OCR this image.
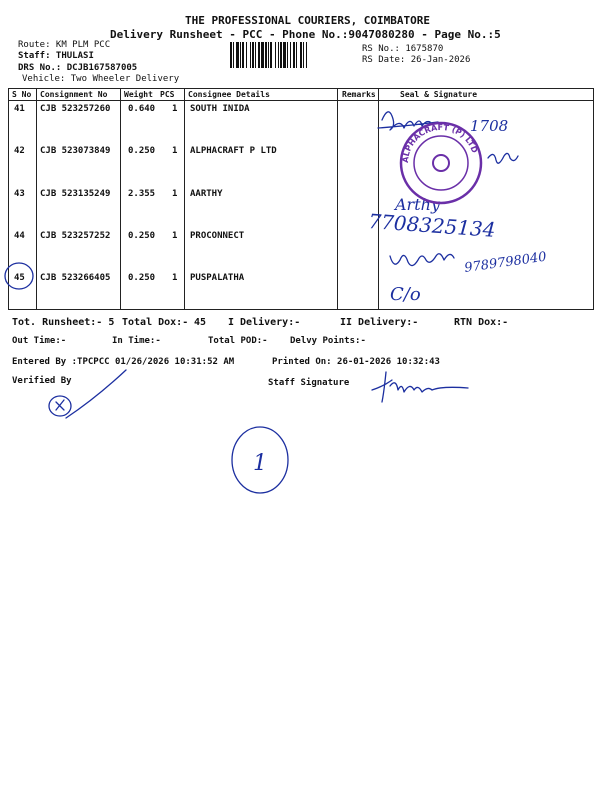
THE PROFESSIONAL COURIERS, COIMBATORE
Delivery Runsheet - PCC - Phone No.:9047080280 - Page No.:5
Route: KM PLM PCC
Staff: THULASI
DRS No.: DCJB167587005
Vehicle: Two Wheeler Delivery
RS No.: 1675870
RS Date: 26-Jan-2026
S No Consignment No Weight PCS Consignee Details	Remarks	Seal & Signature
41 CJB 523257260 0.640 1 SOUTH INIDA
42 CJB 523073849 0.250 1 ALPHACRAFT P LTD
43 CJB 523135249 2.355 1 AARTHY
44 CJB 523257252 0.250 1 PROCONNECT
45 CJB 523266405 0.250 1 PUSPALATHA
1708
Arthy
7708325134
9789798040
C/o
1
ALPHACRAFT (P) LTD
Tot. Runsheet:- 5 Total Dox:- 45 I Delivery:-	II Delivery:-	RTN Dox:-
Out Time:-	In Time:-	Total POD:- Delvy Points:-
Entered By :TPCPCC 01/26/2026 10:31:52 AM	Printed On: 26-01-2026 10:32:43
Verified By	Staff Signature
